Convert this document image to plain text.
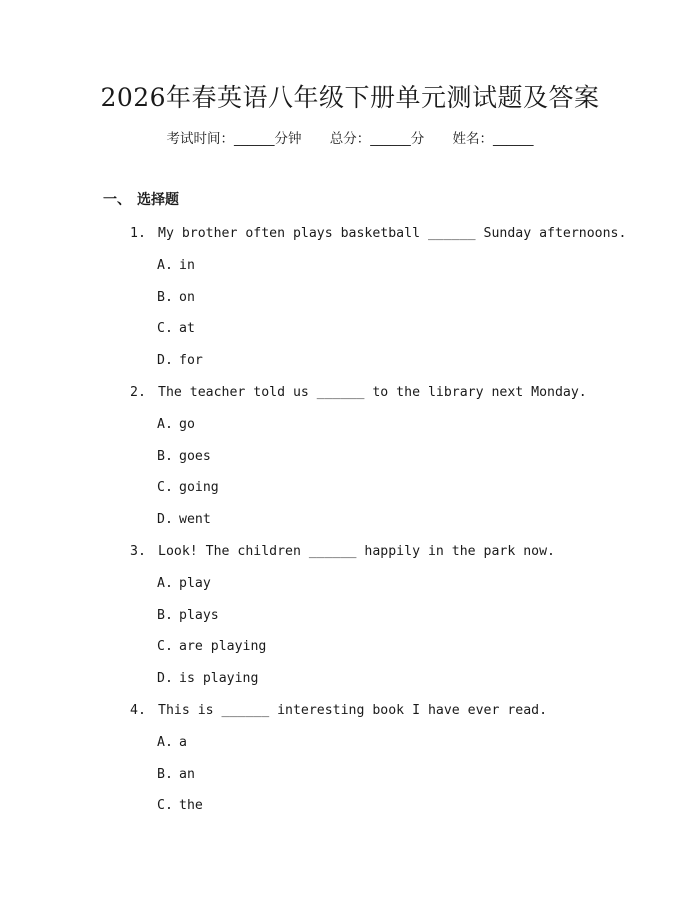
2026年春英语八年级下册单元测试题及答案
考试时间：______分钟 总分：______分 姓名：______
一、 选择题
1. My brother often plays basketball ______ Sunday afternoons.
A. in
B. on
C. at
D. for
2. The teacher told us ______ to the library next Monday.
A. go
B. goes
C. going
D. went
3. Look! The children ______ happily in the park now.
A. play
B. plays
C. are playing
D. is playing
4. This is ______ interesting book I have ever read.
A. a
B. an
C. the
